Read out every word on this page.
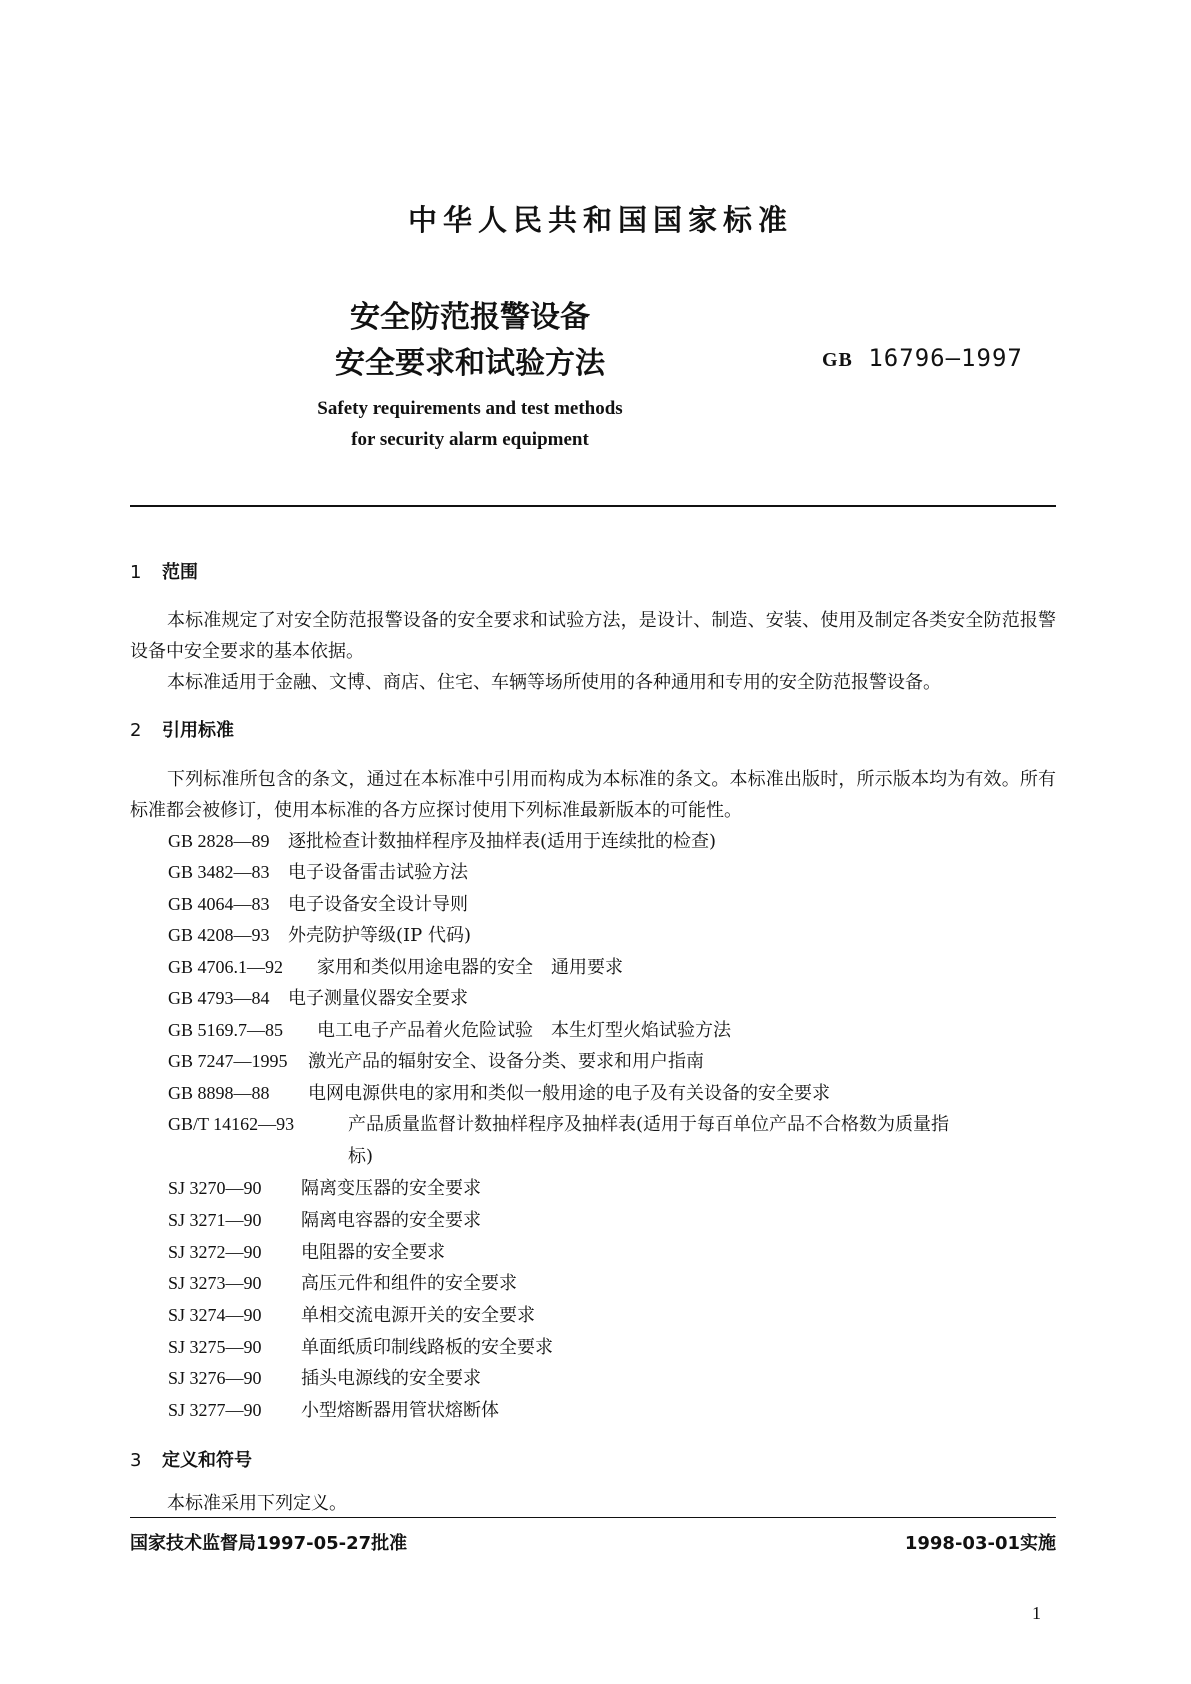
中华人民共和国国家标准
安全防范报警设备
安全要求和试验方法	GB 16796—1997
Safety requirements and test methods
for security alarm equipment
1 范围
本标准规定了对安全防范报警设备的安全要求和试验方法，是设计、制造、安装、使用及制定各类安全防范报警设备中安全要求的基本依据。
本标准适用于金融、文博、商店、住宅、车辆等场所使用的各种通用和专用的安全防范报警设备。
2 引用标准
下列标准所包含的条文，通过在本标准中引用而构成为本标准的条文。本标准出版时，所示版本均为有效。所有标准都会被修订，使用本标准的各方应探讨使用下列标准最新版本的可能性。
GB 2828—89 逐批检查计数抽样程序及抽样表(适用于连续批的检查)
GB 3482—83 电子设备雷击试验方法
GB 4064—83 电子设备安全设计导则
GB 4208—93 外壳防护等级(IP 代码)
GB 4706.1—92 家用和类似用途电器的安全　通用要求
GB 4793—84 电子测量仪器安全要求
GB 5169.7—85 电工电子产品着火危险试验　本生灯型火焰试验方法
GB 7247—1995 激光产品的辐射安全、设备分类、要求和用户指南
GB 8898—88 电网电源供电的家用和类似一般用途的电子及有关设备的安全要求
GB/T 14162—93	产品质量监督计数抽样程序及抽样表(适用于每百单位产品不合格数为质量指
标)
SJ 3270—90 隔离变压器的安全要求
SJ 3271—90 隔离电容器的安全要求
SJ 3272—90 电阻器的安全要求
SJ 3273—90 高压元件和组件的安全要求
SJ 3274—90 单相交流电源开关的安全要求
SJ 3275—90 单面纸质印制线路板的安全要求
SJ 3276—90 插头电源线的安全要求
SJ 3277—90 小型熔断器用管状熔断体
3 定义和符号
本标准采用下列定义。
国家技术监督局1997-05-27批准	1998-03-01实施
1
